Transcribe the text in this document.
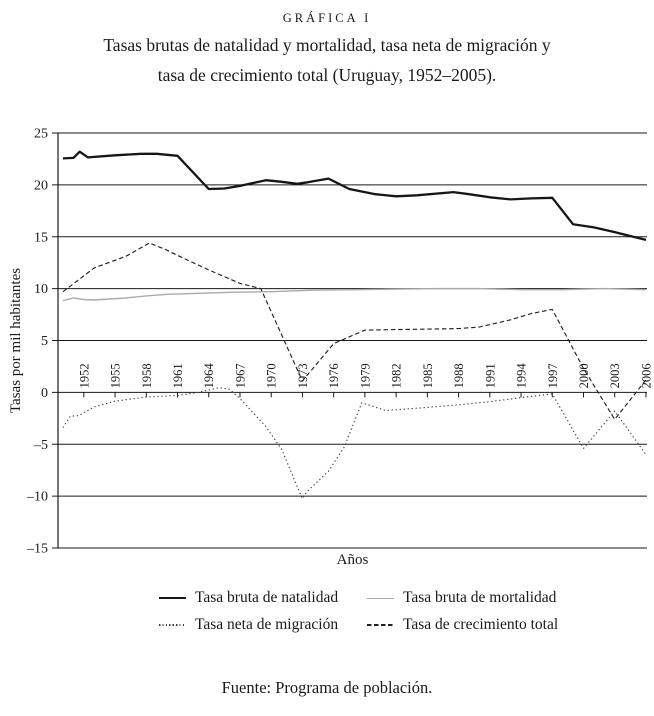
25
20
15
10
5
0
–5
–10
–15
1952 1955 1958 1961 1964 1967 1970 1973 1976 1979 1982 1985 1988 1991 1994 1997 2000 2003 2006
Tasas por mil habitantes
Años
GRÁFICA I
Tasas brutas de natalidad y mortalidad, tasa neta de migración y
tasa de crecimiento total (Uruguay, 1952–2005).
Tasa bruta de natalidad	Tasa bruta de mortalidad
Tasa neta de migración	Tasa de crecimiento total
Fuente: Programa de población.
